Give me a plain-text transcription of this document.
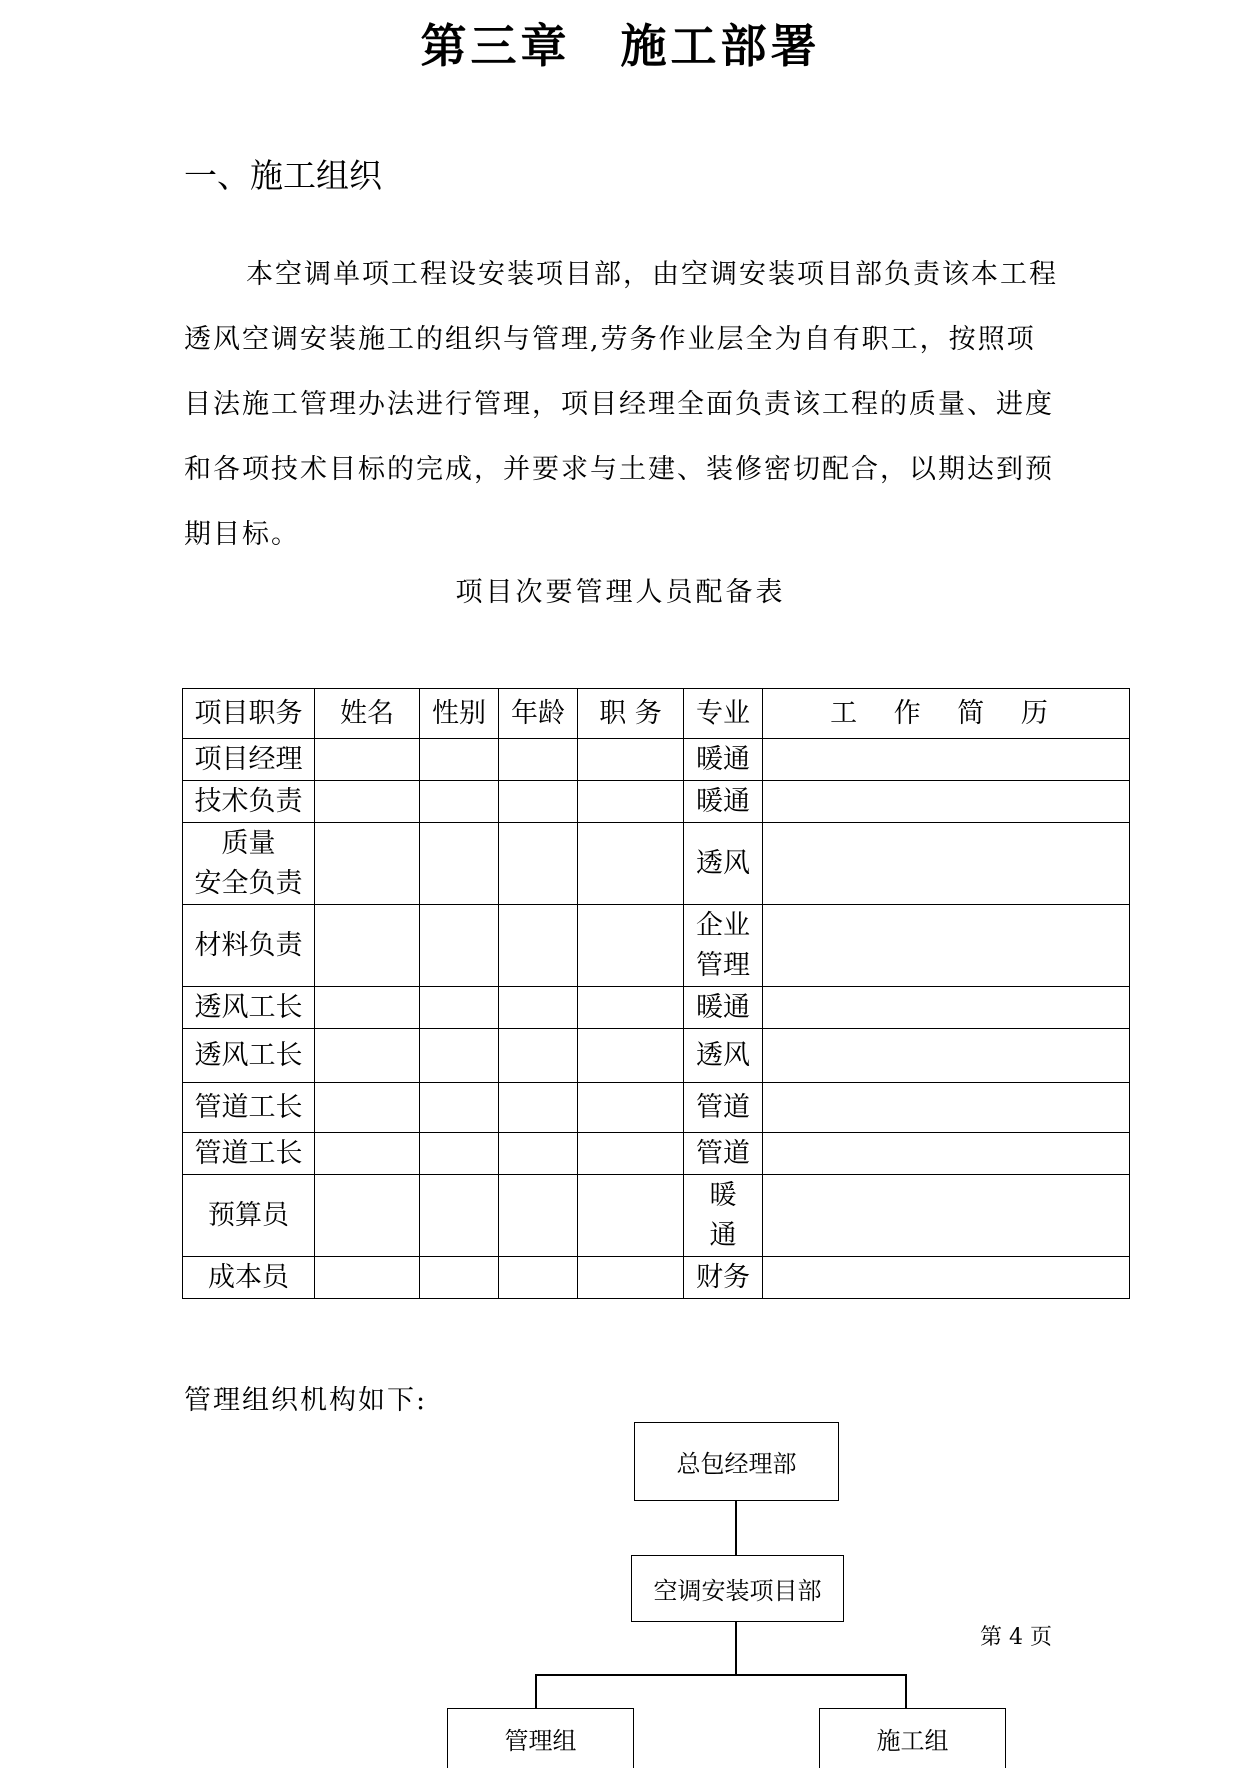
第三章　施工部署
一、施工组织

本空调单项工程设安装项目部，由空调安装项目部负责该本工程透风空调安装施工的组织与管理,劳务作业层全为自有职工，按照项目法施工管理办法进行管理，项目经理全面负责该工程的质量、进度和各项技术目标的完成，并要求与土建、装修密切配合，以期达到预期目标。

项目次要管理人员配备表
项目职务	姓名	性别	年龄	职 务	专业	工 作 简 历
项目经理					暖通	
技术负责					暖通	
质量
安全负责					透风	
材料负责					企业
管理	
透风工长					暖通	
透风工长					透风	
管道工长					管道	
管道工长					管道	
预算员					暖
通	
成本员					财务	
管理组织机构如下:
总包经理部
空调安装项目部
管理组	施工组
第 4 页
